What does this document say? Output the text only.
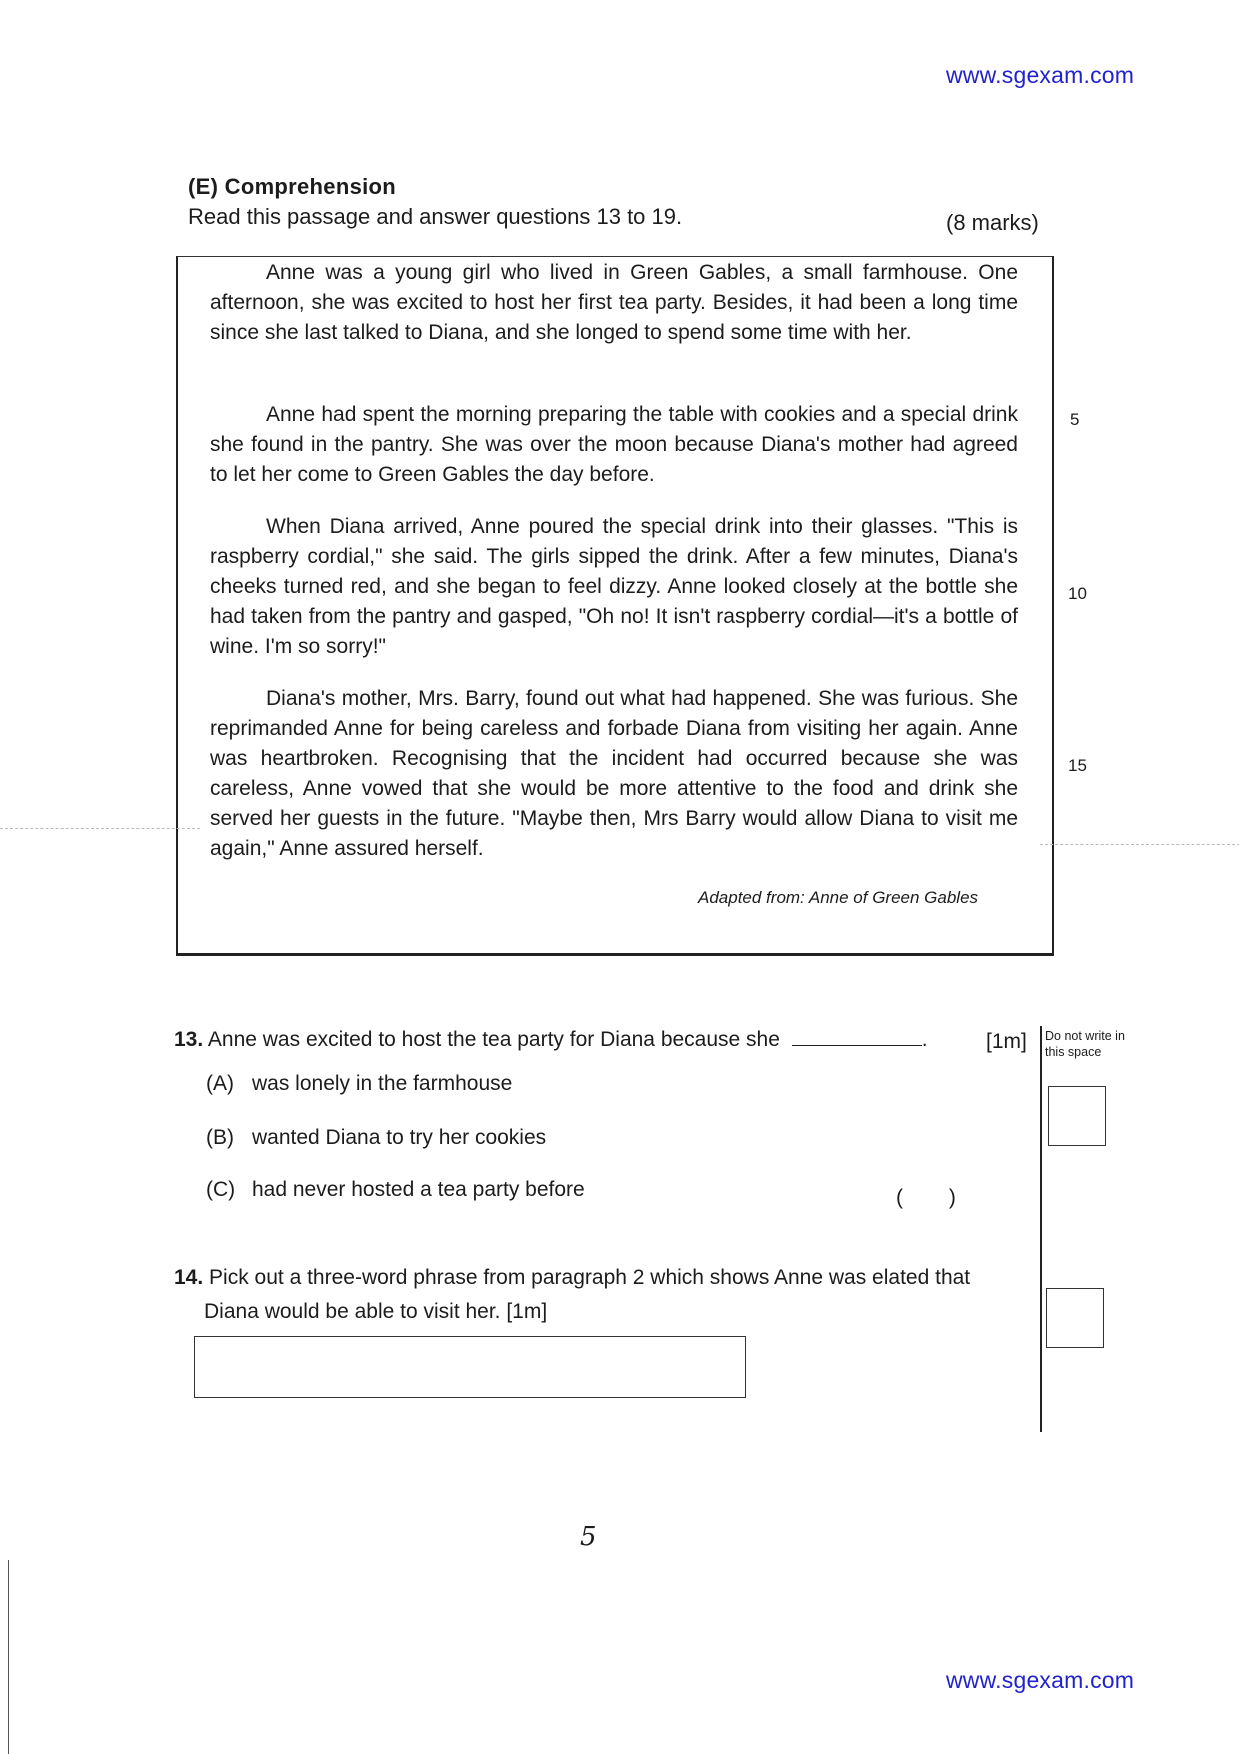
www.sgexam.com
(E) Comprehension
Read this passage and answer questions 13 to 19.	(8 marks)

Anne was a young girl who lived in Green Gables, a small farmhouse. One afternoon, she was excited to host her first tea party. Besides, it had been a long time since she last talked to Diana, and she longed to spend some time with her.

Anne had spent the morning preparing the table with cookies and a special drink she found in the pantry. She was over the moon because Diana's mother had agreed to let her come to Green Gables the day before.

When Diana arrived, Anne poured the special drink into their glasses. "This is raspberry cordial," she said. The girls sipped the drink. After a few minutes, Diana's cheeks turned red, and she began to feel dizzy. Anne looked closely at the bottle she had taken from the pantry and gasped, "Oh no! It isn't raspberry cordial—it's a bottle of wine. I'm so sorry!"

Diana's mother, Mrs. Barry, found out what had happened. She was furious. She reprimanded Anne for being careless and forbade Diana from visiting her again. Anne was heartbroken. Recognising that the incident had occurred because she was careless, Anne vowed that she would be more attentive to the food and drink she served her guests in the future. "Maybe then, Mrs Barry would allow Diana to visit me again," Anne assured herself.

5
10
15
Adapted from: Anne of Green Gables
13. Anne was excited to host the tea party for Diana because she	.	[1m]
(A) was lonely in the farmhouse
(B) wanted Diana to try her cookies
(C) had never hosted a tea party before	( )
14. Pick out a three-word phrase from paragraph 2 which shows Anne was elated that
Diana would be able to visit her. [1m]
Do not write in this space
5
www.sgexam.com
